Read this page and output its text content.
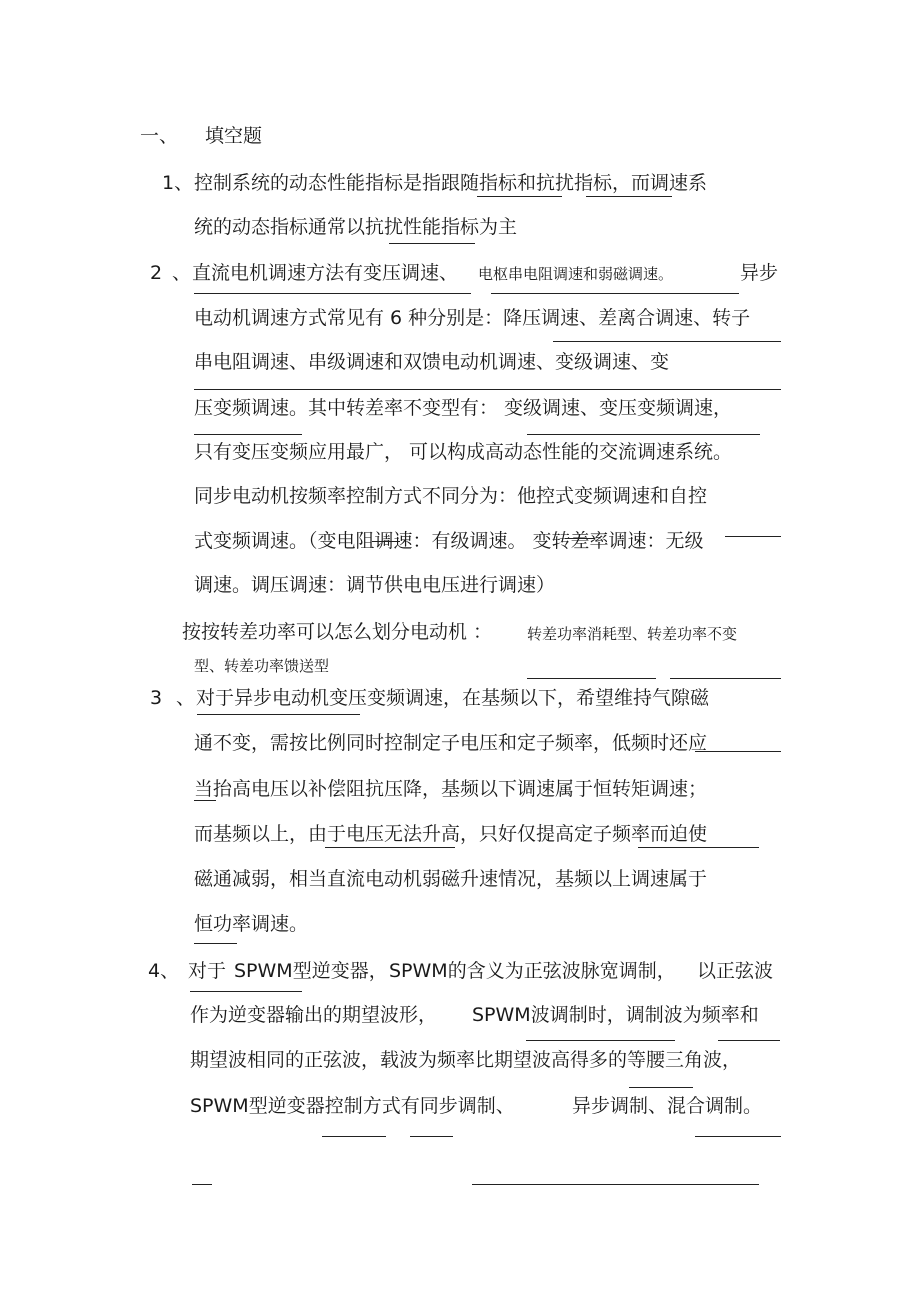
一、 填空题
1、 控制系统的动态性能指标是指跟随指标和抗扰指标，而调速系
统的动态指标通常以抗扰性能指标为主
2 、 直流电机调速方法有变压调速、 电枢串电阻调速和弱磁调速。	异步
电动机调速方式常见有 6 种分别是：降压调速、差离合调速、转子
串电阻调速、串级调速和双馈电动机调速、变级调速、变
压变频调速。其中转差率不变型有： 变级调速、变压变频调速，
只有变压变频应用最广， 可以构成高动态性能的交流调速系统。
同步电动机按频率控制方式不同分为：他控式变频调速和自控
式变频调速。（变电阻调速：有级调速。 变转差率调速：无级
调速。调压调速：调节供电电压进行调速）
按按转差功率可以怎么划分电动机 ： 转差功率消耗型、转差功率不变
型、转差功率馈送型
3 、 对于异步电动机变压变频调速，在基频以下，希望维持气隙磁
通不变，需按比例同时控制定子电压和定子频率，低频时还应
当抬高电压以补偿阻抗压降，基频以下调速属于恒转矩调速；
而基频以上，由于电压无法升高，只好仅提高定子频率而迫使
磁通减弱，相当直流电动机弱磁升速情况，基频以上调速属于
恒功率调速。
4、 对于 SPWM型逆变器， SPWM的含义为正弦波脉宽调制， 以正弦波
作为逆变器输出的期望波形， SPWM波调制时，调制波为频率和
期望波相同的正弦波，载波为频率比期望波高得多的等腰三角波，
SPWM型逆变器控制方式有同步调制、	异步调制、混合调制。
